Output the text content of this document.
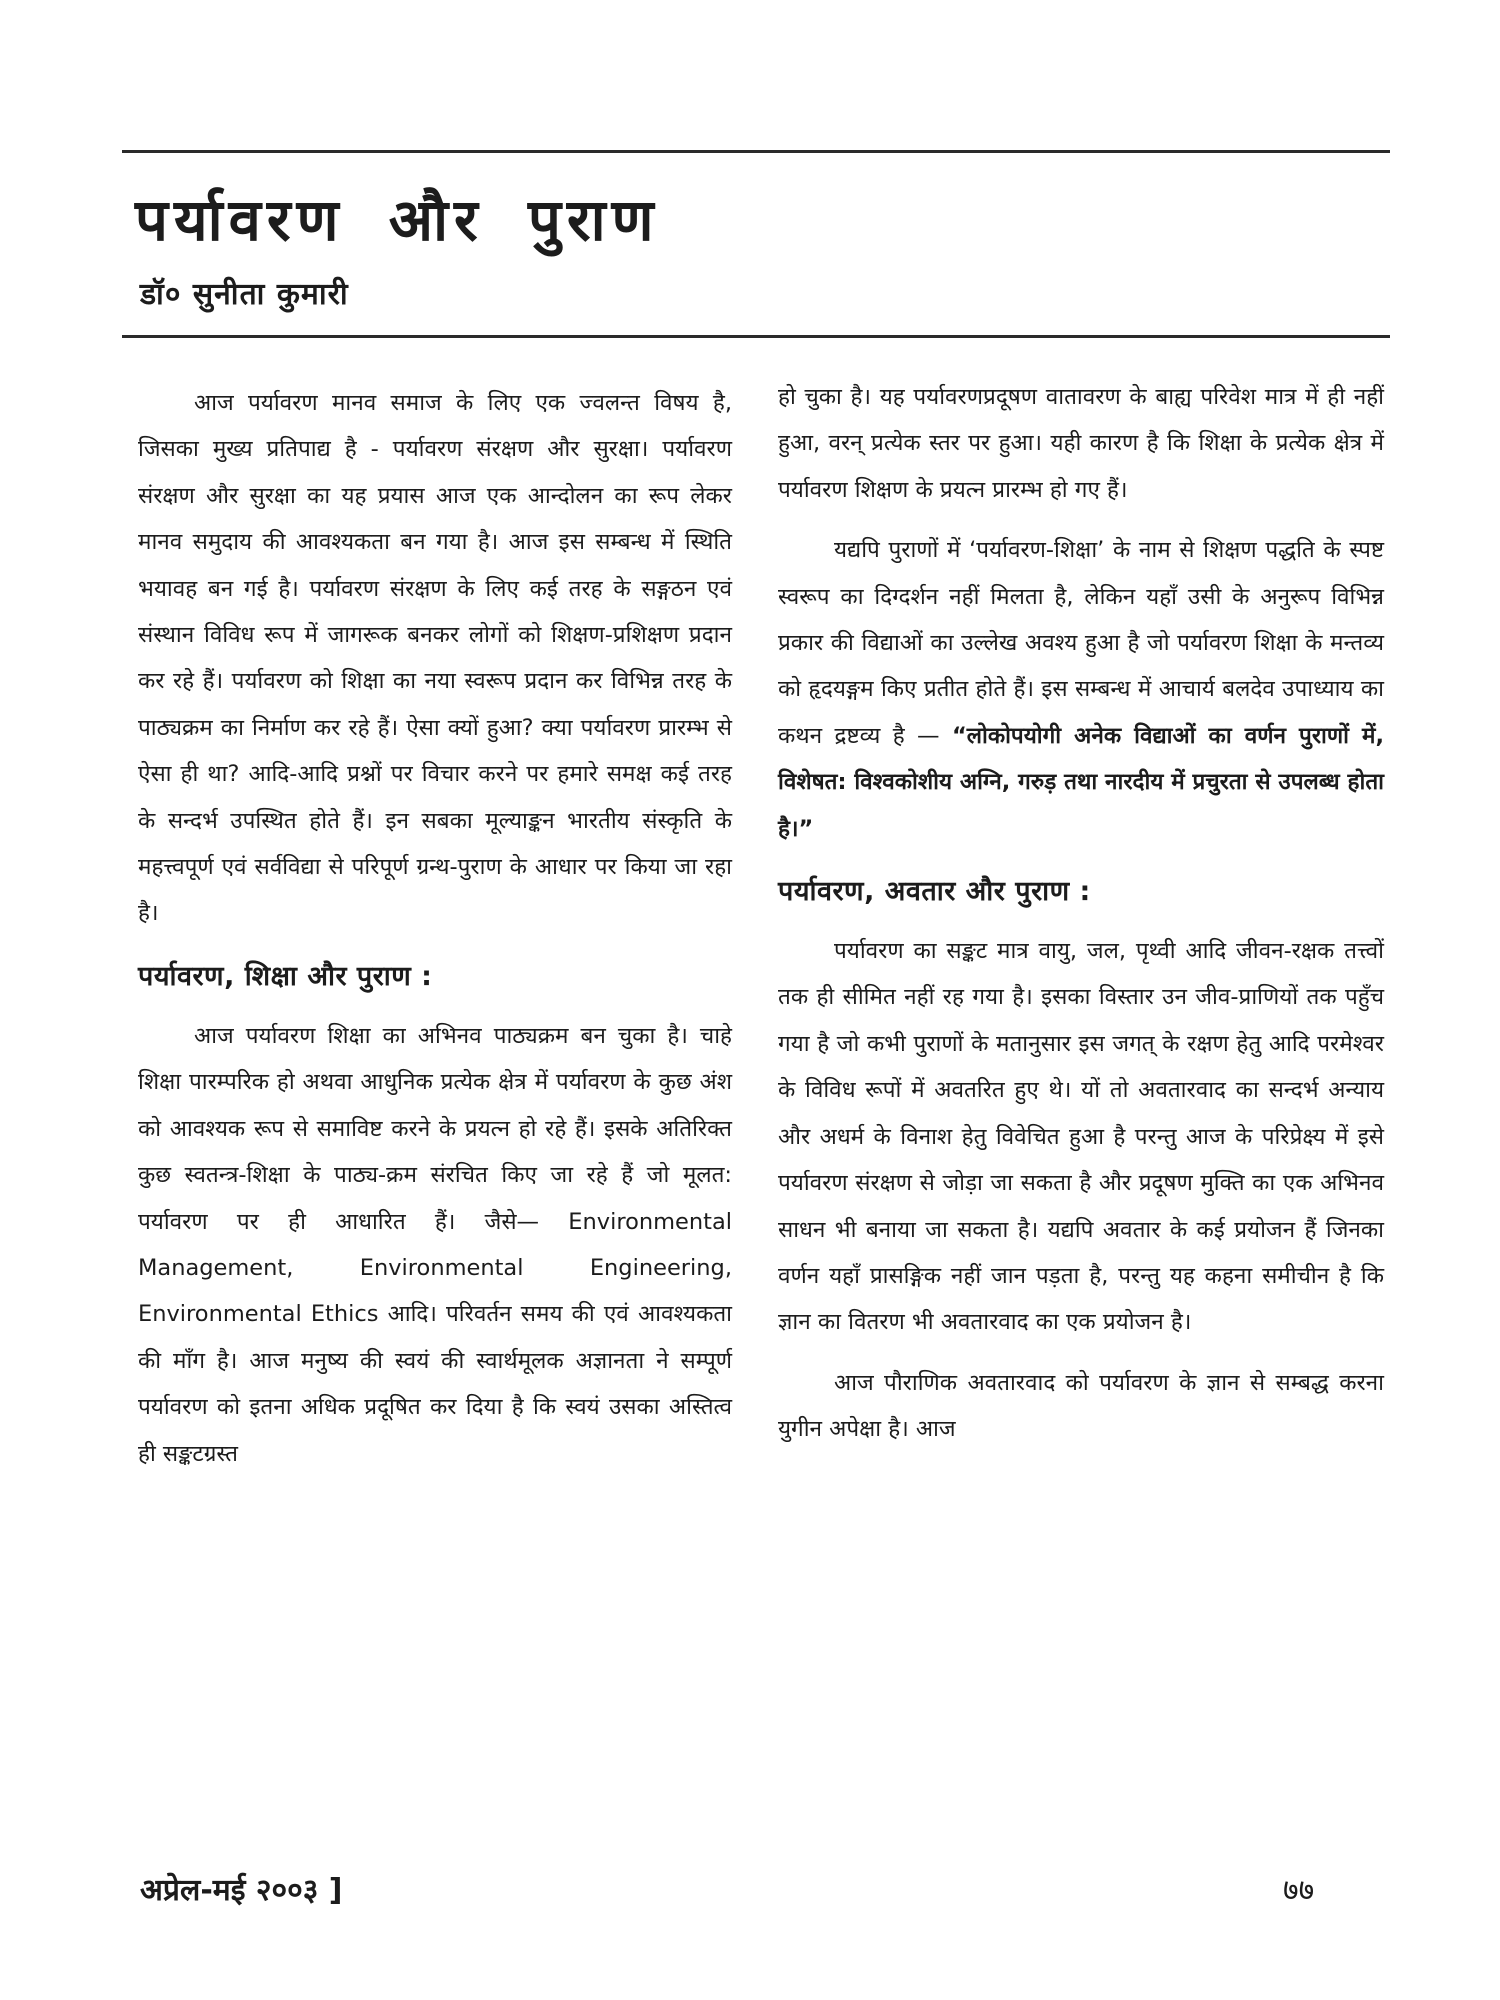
पर्यावरण और पुराण

डॉ० सुनीता कुमारी

आज पर्यावरण मानव समाज के लिए एक ज्वलन्त विषय है, जिसका मुख्य प्रतिपाद्य है - पर्यावरण संरक्षण और सुरक्षा। पर्यावरण संरक्षण और सुरक्षा का यह प्रयास आज एक आन्दोलन का रूप लेकर मानव समुदाय की आवश्यकता बन गया है। आज इस सम्बन्ध में स्थिति भयावह बन गई है। पर्यावरण संरक्षण के लिए कई तरह के सङ्गठन एवं संस्थान विविध रूप में जागरूक बनकर लोगों को शिक्षण-प्रशिक्षण प्रदान कर रहे हैं। पर्यावरण को शिक्षा का नया स्वरूप प्रदान कर विभिन्न तरह के पाठ्यक्रम का निर्माण कर रहे हैं। ऐसा क्यों हुआ? क्या पर्यावरण प्रारम्भ से ऐसा ही था? आदि-आदि प्रश्नों पर विचार करने पर हमारे समक्ष कई तरह के सन्दर्भ उपस्थित होते हैं। इन सबका मूल्याङ्कन भारतीय संस्कृति के महत्त्वपूर्ण एवं सर्वविद्या से परिपूर्ण ग्रन्थ-पुराण के आधार पर किया जा रहा है।

पर्यावरण, शिक्षा और पुराण :

आज पर्यावरण शिक्षा का अभिनव पाठ्यक्रम बन चुका है। चाहे शिक्षा पारम्परिक हो अथवा आधुनिक प्रत्येक क्षेत्र में पर्यावरण के कुछ अंश को आवश्यक रूप से समाविष्ट करने के प्रयत्न हो रहे हैं। इसके अतिरिक्त कुछ स्वतन्त्र-शिक्षा के पाठ्य-क्रम संरचित किए जा रहे हैं जो मूलत: पर्यावरण पर ही आधारित हैं। जैसे— Environmental Management, Environmental Engineering, Environmental Ethics आदि। परिवर्तन समय की एवं आवश्यकता की माँग है। आज मनुष्य की स्वयं की स्वार्थमूलक अज्ञानता ने सम्पूर्ण पर्यावरण को इतना अधिक प्रदूषित कर दिया है कि स्वयं उसका अस्तित्व ही सङ्कटग्रस्त

हो चुका है। यह पर्यावरणप्रदूषण वातावरण के बाह्य परिवेश मात्र में ही नहीं हुआ, वरन् प्रत्येक स्तर पर हुआ। यही कारण है कि शिक्षा के प्रत्येक क्षेत्र में पर्यावरण शिक्षण के प्रयत्न प्रारम्भ हो गए हैं।

यद्यपि पुराणों में ‘पर्यावरण-शिक्षा’ के नाम से शिक्षण पद्धति के स्पष्ट स्वरूप का दिग्दर्शन नहीं मिलता है, लेकिन यहाँ उसी के अनुरूप विभिन्न प्रकार की विद्याओं का उल्लेख अवश्य हुआ है जो पर्यावरण शिक्षा के मन्तव्य को हृदयङ्गम किए प्रतीत होते हैं। इस सम्बन्ध में आचार्य बलदेव उपाध्याय का कथन द्रष्टव्य है — “लोकोपयोगी अनेक विद्याओं का वर्णन पुराणों में, विशेषत: विश्वकोशीय अग्नि, गरुड़ तथा नारदीय में प्रचुरता से उपलब्ध होता है।”

पर्यावरण, अवतार और पुराण :

पर्यावरण का सङ्कट मात्र वायु, जल, पृथ्वी आदि जीवन-रक्षक तत्त्वों तक ही सीमित नहीं रह गया है। इसका विस्तार उन जीव-प्राणियों तक पहुँच गया है जो कभी पुराणों के मतानुसार इस जगत् के रक्षण हेतु आदि परमेश्वर के विविध रूपों में अवतरित हुए थे। यों तो अवतारवाद का सन्दर्भ अन्याय और अधर्म के विनाश हेतु विवेचित हुआ है परन्तु आज के परिप्रेक्ष्य में इसे पर्यावरण संरक्षण से जोड़ा जा सकता है और प्रदूषण मुक्ति का एक अभिनव साधन भी बनाया जा सकता है। यद्यपि अवतार के कई प्रयोजन हैं जिनका वर्णन यहाँ प्रासङ्गिक नहीं जान पड़ता है, परन्तु यह कहना समीचीन है कि ज्ञान का वितरण भी अवतारवाद का एक प्रयोजन है।

आज पौराणिक अवतारवाद को पर्यावरण के ज्ञान से सम्बद्ध करना युगीन अपेक्षा है। आज

अप्रेल-मई २००३ ]	७७
